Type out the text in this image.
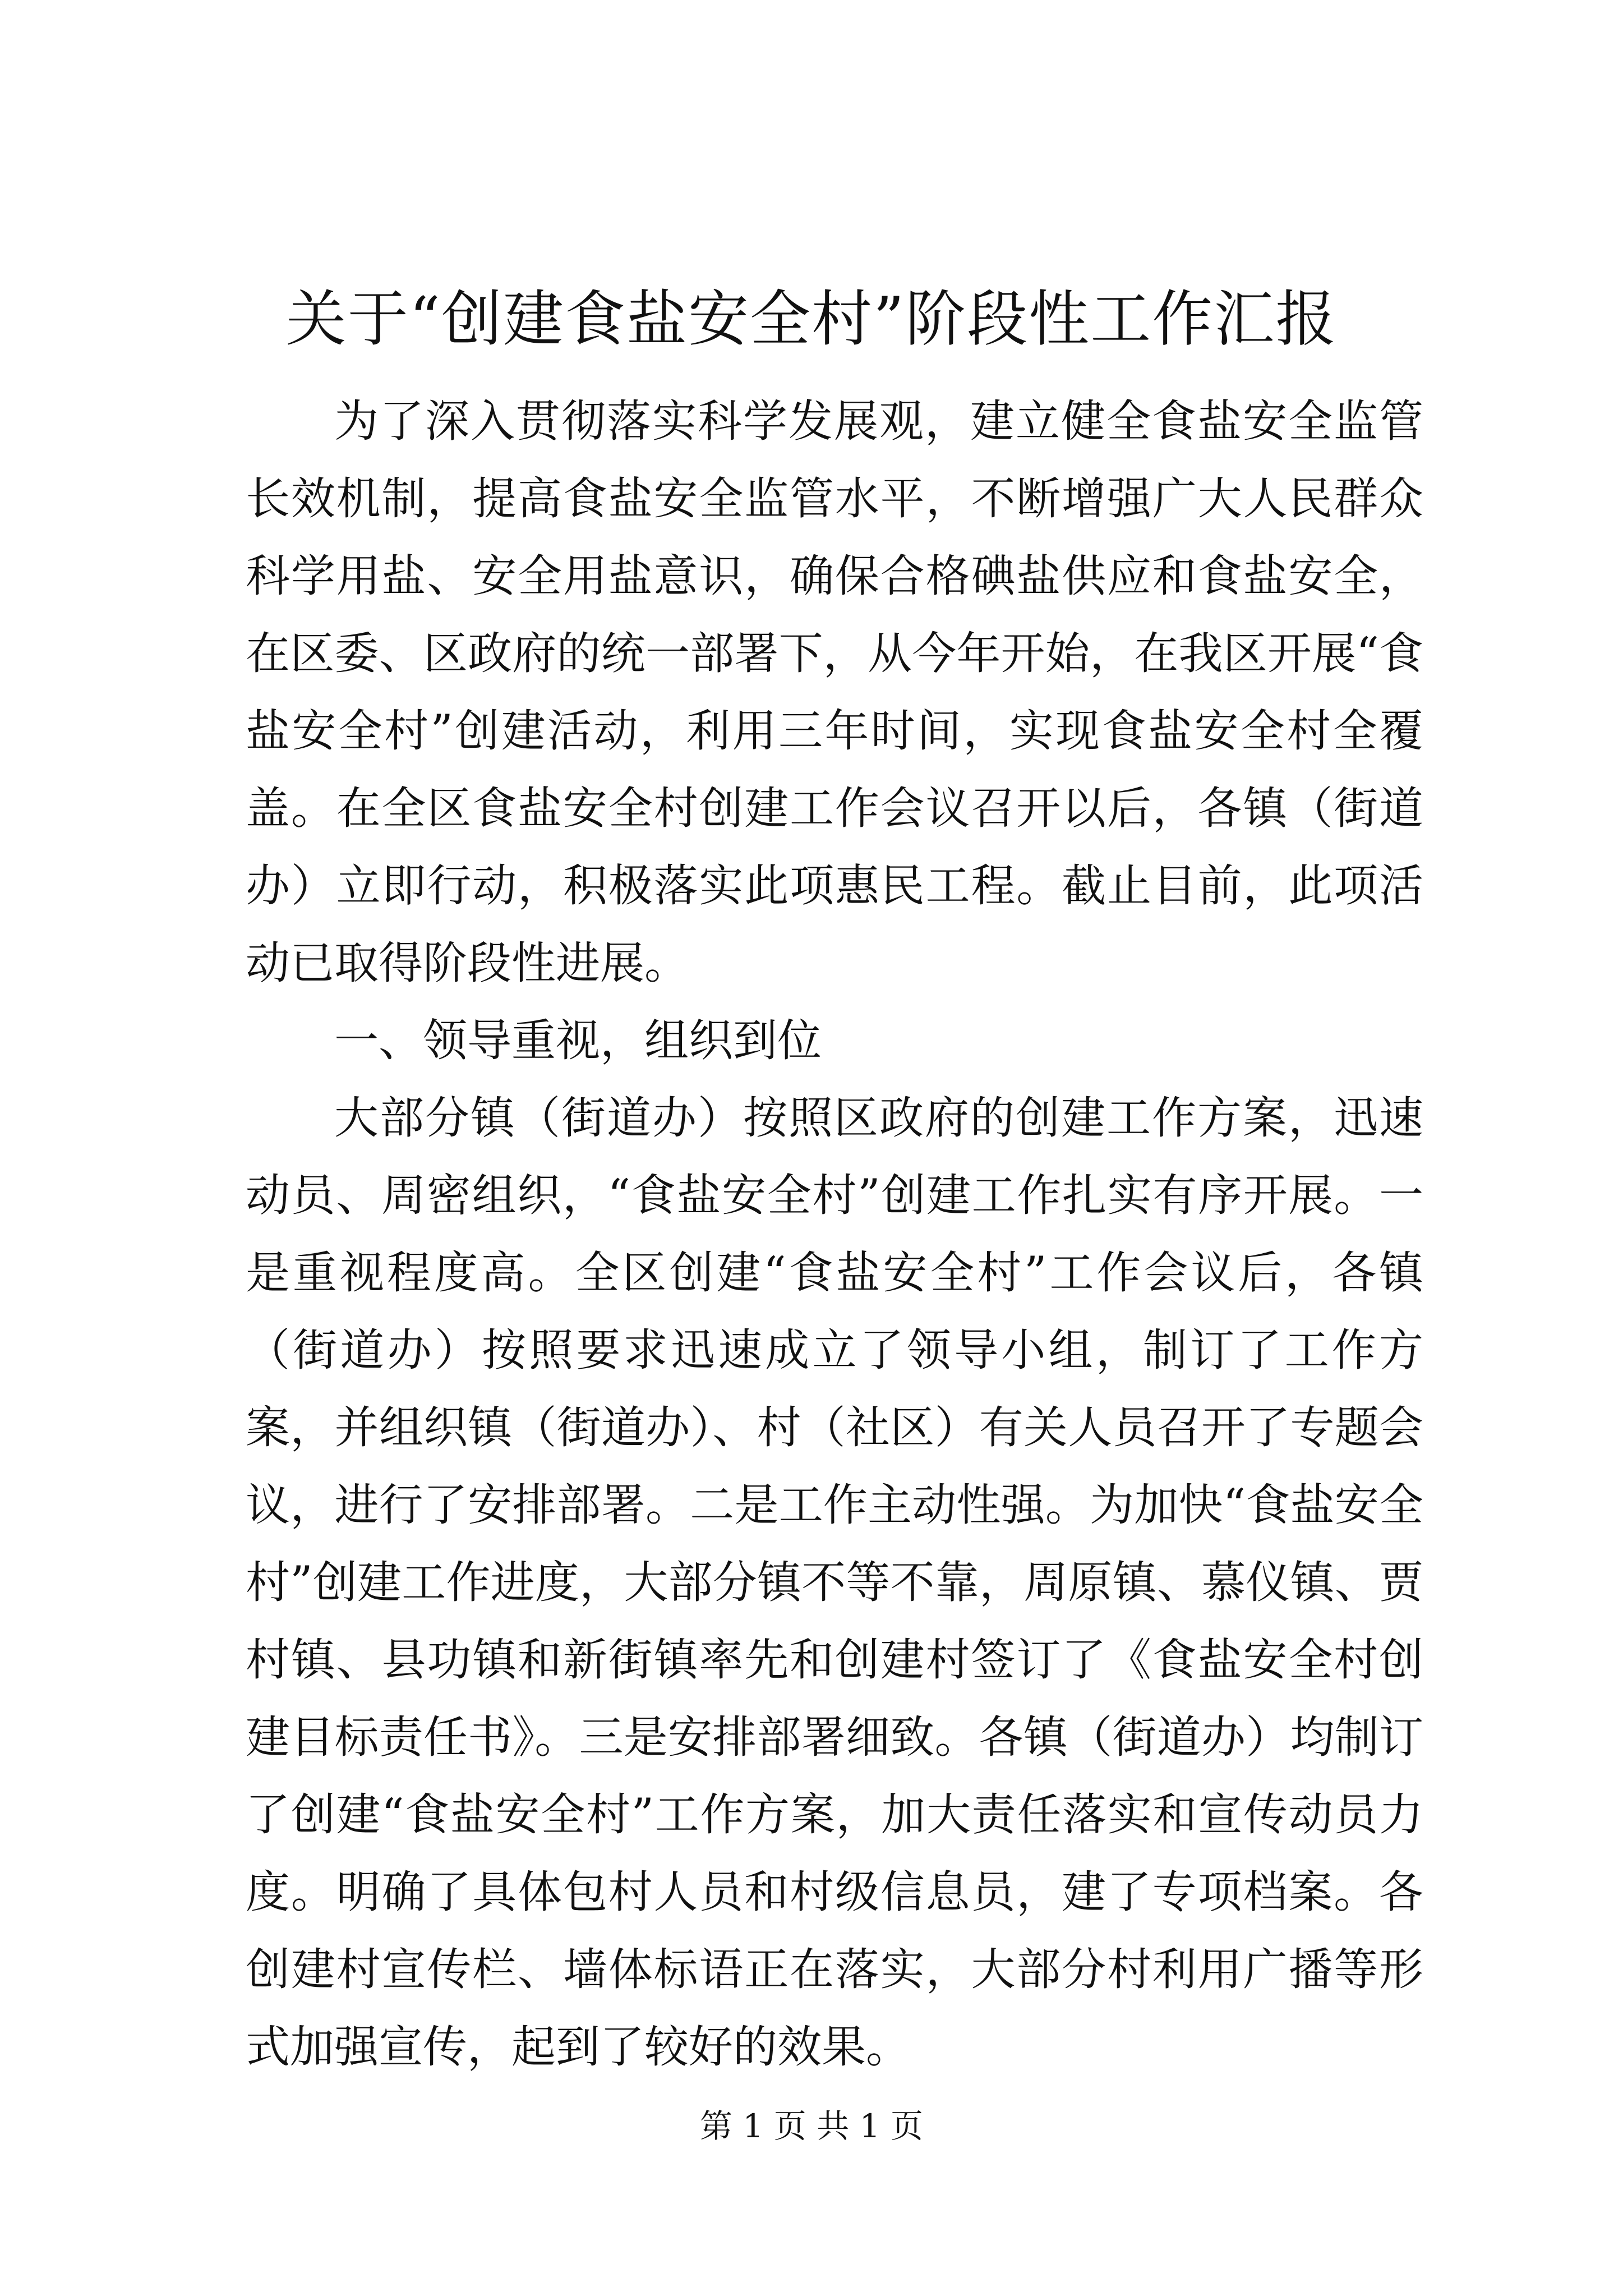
关于“创建食盐安全村”阶段性工作汇报

为了深入贯彻落实科学发展观，建立健全食盐安全监管长效机制，提高食盐安全监管水平，不断增强广大人民群众科学用盐、安全用盐意识，确保合格碘盐供应和食盐安全，在区委、区政府的统一部署下，从今年开始，在我区开展“食盐安全村”创建活动，利用三年时间，实现食盐安全村全覆盖。在全区食盐安全村创建工作会议召开以后，各镇（街道办）立即行动，积极落实此项惠民工程。截止目前，此项活动已取得阶段性进展。

一、领导重视，组织到位

大部分镇（街道办）按照区政府的创建工作方案，迅速动员、周密组织，“食盐安全村”创建工作扎实有序开展。一是重视程度高。全区创建“食盐安全村”工作会议后，各镇（街道办）按照要求迅速成立了领导小组，制订了工作方案，并组织镇（街道办）、村（社区）有关人员召开了专题会议，进行了安排部署。二是工作主动性强。为加快“食盐安全村”创建工作进度，大部分镇不等不靠，周原镇、慕仪镇、贾村镇、县功镇和新街镇率先和创建村签订了《食盐安全村创建目标责任书》。三是安排部署细致。各镇（街道办）均制订了创建“食盐安全村”工作方案，加大责任落实和宣传动员力度。明确了具体包村人员和村级信息员，建了专项档案。各创建村宣传栏、墙体标语正在落实，大部分村利用广播等形式加强宣传，起到了较好的效果。

第 1 页 共 1 页
